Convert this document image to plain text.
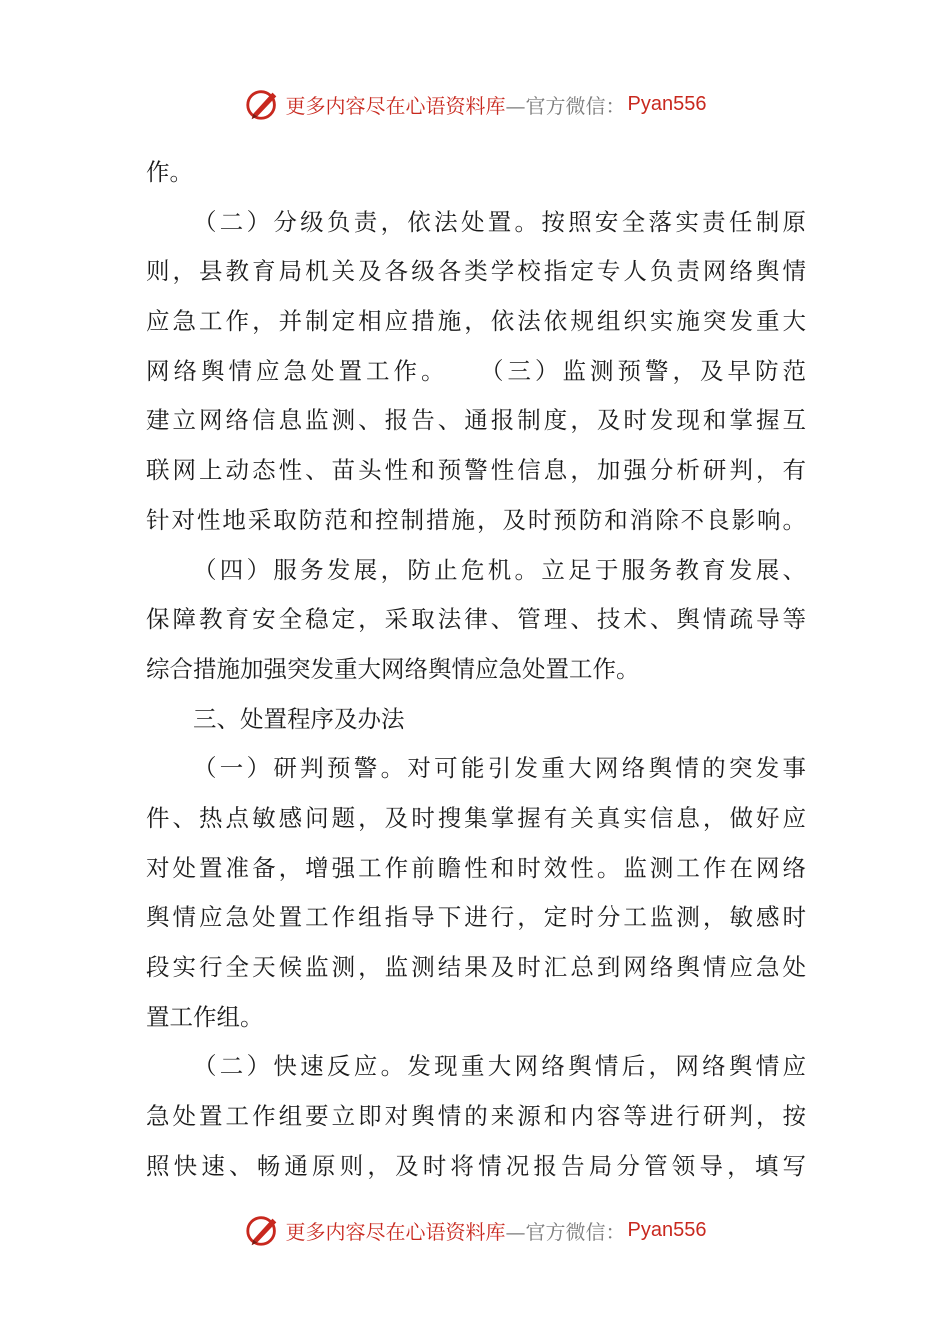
更多内容尽在心语资料库 —官方微信： Pyan556
作。
（二）分级负责，依法处置。按照安全落实责任制原
则，县教育局机关及各级各类学校指定专人负责网络舆情
应急工作，并制定相应措施，依法依规组织实施突发重大
网络舆情应急处置工作。　　（三）监测预警，及早防范
建立网络信息监测、报告、通报制度，及时发现和掌握互
联网上动态性、苗头性和预警性信息，加强分析研判，有
针对性地采取防范和控制措施，及时预防和消除不良影响。
（四）服务发展，防止危机。立足于服务教育发展、
保障教育安全稳定，采取法律、管理、技术、舆情疏导等
综合措施加强突发重大网络舆情应急处置工作。
三、处置程序及办法
（一）研判预警。对可能引发重大网络舆情的突发事
件、热点敏感问题，及时搜集掌握有关真实信息，做好应
对处置准备，增强工作前瞻性和时效性。监测工作在网络
舆情应急处置工作组指导下进行，定时分工监测，敏感时
段实行全天候监测，监测结果及时汇总到网络舆情应急处
置工作组。
（二）快速反应。发现重大网络舆情后，网络舆情应
急处置工作组要立即对舆情的来源和内容等进行研判，按
照快速、畅通原则，及时将情况报告局分管领导，填写
更多内容尽在心语资料库 —官方微信： Pyan556
